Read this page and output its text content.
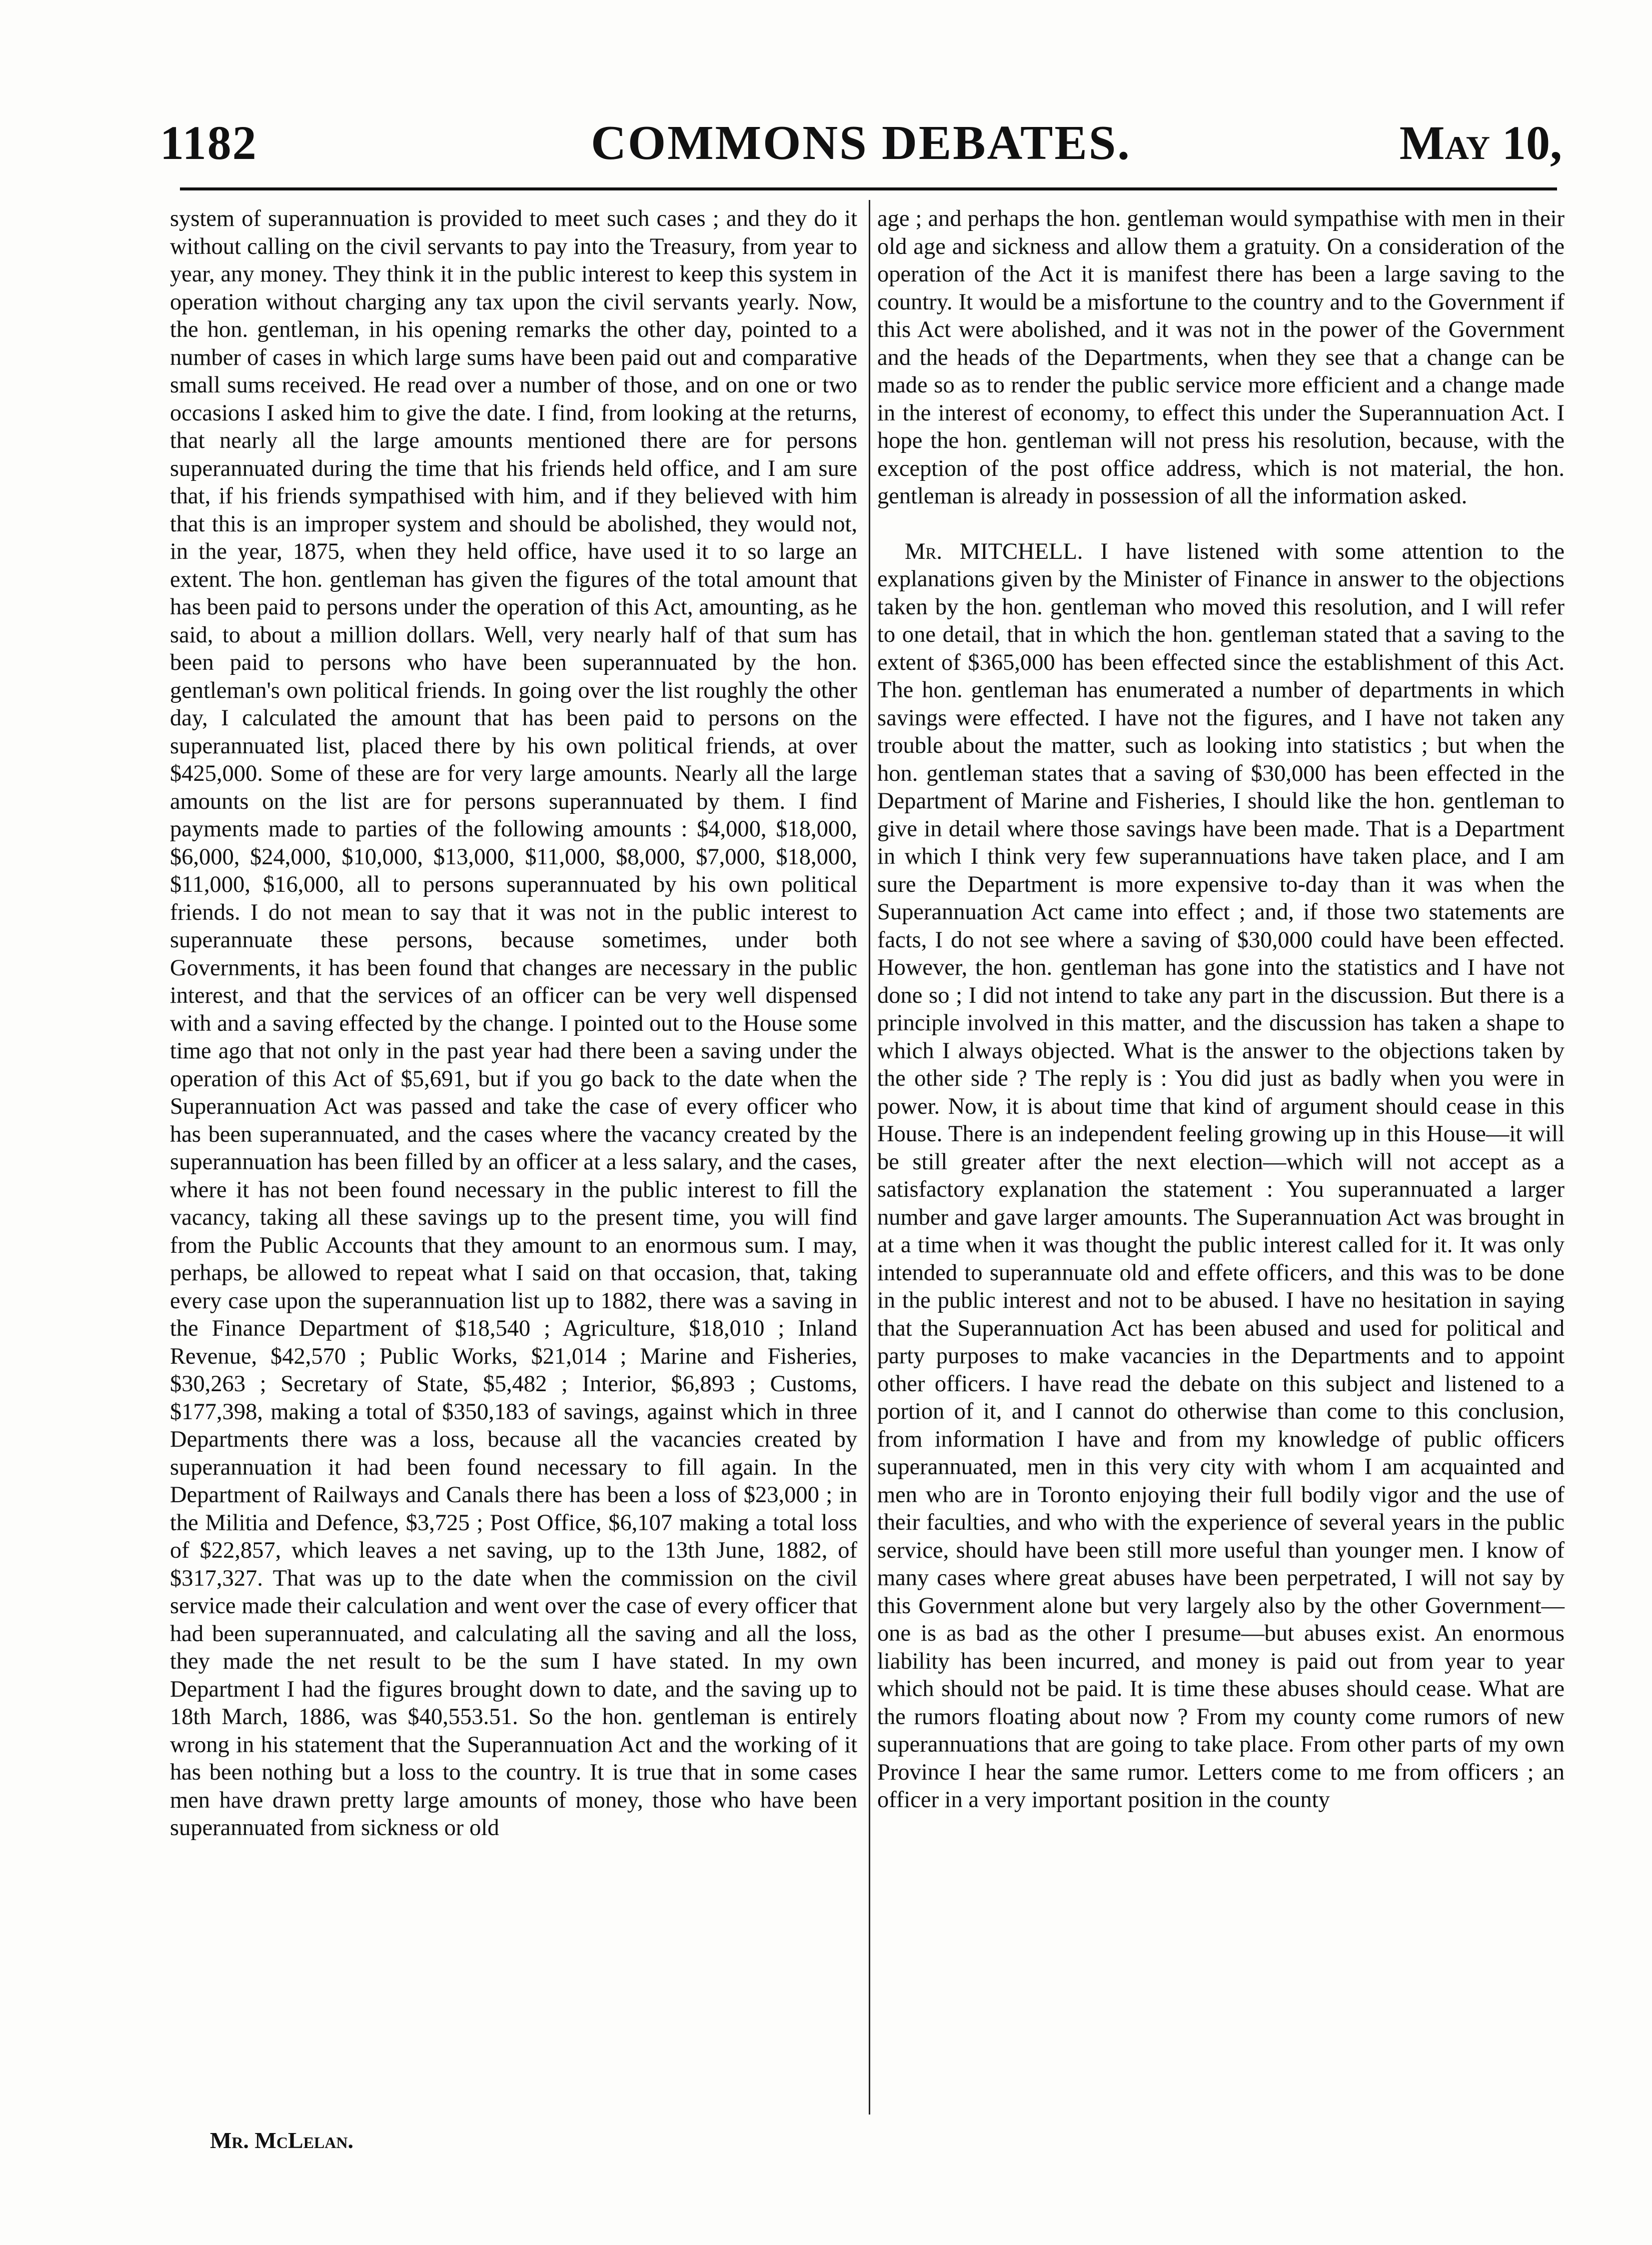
1182	COMMONS DEBATES.	May 10,

system of superannuation is provided to meet such cases ; and they do it without calling on the civil servants to pay into the Treasury, from year to year, any money. They think it in the public interest to keep this system in operation without charging any tax upon the civil servants yearly. Now, the hon. gentleman, in his opening remarks the other day, pointed to a number of cases in which large sums have been paid out and comparative small sums received. He read over a number of those, and on one or two occasions I asked him to give the date. I find, from looking at the returns, that nearly all the large amounts mentioned there are for persons superannuated during the time that his friends held office, and I am sure that, if his friends sympathised with him, and if they believed with him that this is an improper system and should be abolished, they would not, in the year, 1875, when they held office, have used it to so large an extent. The hon. gentleman has given the figures of the total amount that has been paid to persons under the operation of this Act, amounting, as he said, to about a million dollars. Well, very nearly half of that sum has been paid to persons who have been superannuated by the hon. gentleman's own political friends. In going over the list roughly the other day, I calculated the amount that has been paid to persons on the superannuated list, placed there by his own political friends, at over $425,000. Some of these are for very large amounts. Nearly all the large amounts on the list are for persons superannuated by them. I find payments made to parties of the following amounts : $4,000, $18,000, $6,000, $24,000, $10,000, $13,000, $11,000, $8,000, $7,000, $18,000, $11,000, $16,000, all to persons superannuated by his own political friends. I do not mean to say that it was not in the public interest to superannuate these persons, because sometimes, under both Governments, it has been found that changes are necessary in the public interest, and that the services of an officer can be very well dispensed with and a saving effected by the change. I pointed out to the House some time ago that not only in the past year had there been a saving under the operation of this Act of $5,691, but if you go back to the date when the Superannuation Act was passed and take the case of every officer who has been superannuated, and the cases where the vacancy created by the superannuation has been filled by an officer at a less salary, and the cases, where it has not been found necessary in the public interest to fill the vacancy, taking all these savings up to the present time, you will find from the Public Accounts that they amount to an enormous sum. I may, perhaps, be allowed to repeat what I said on that occasion, that, taking every case upon the superannuation list up to 1882, there was a saving in the Finance Department of $18,540 ; Agriculture, $18,010 ; Inland Revenue, $42,570 ; Public Works, $21,014 ; Marine and Fisheries, $30,263 ; Secretary of State, $5,482 ; Interior, $6,893 ; Customs, $177,398, making a total of $350,183 of savings, against which in three Departments there was a loss, because all the vacancies created by superannuation it had been found necessary to fill again. In the Department of Railways and Canals there has been a loss of $23,000 ; in the Militia and Defence, $3,725 ; Post Office, $6,107 making a total loss of $22,857, which leaves a net saving, up to the 13th June, 1882, of $317,327. That was up to the date when the commission on the civil service made their calculation and went over the case of every officer that had been superannuated, and calculating all the saving and all the loss, they made the net result to be the sum I have stated. In my own Department I had the figures brought down to date, and the saving up to 18th March, 1886, was $40,553.51. So the hon. gentleman is entirely wrong in his statement that the Superannuation Act and the working of it has been nothing but a loss to the country. It is true that in some cases men have drawn pretty large amounts of money, those who have been superannuated from sickness or old

age ; and perhaps the hon. gentleman would sympathise with men in their old age and sickness and allow them a gratuity. On a consideration of the operation of the Act it is manifest there has been a large saving to the country. It would be a misfortune to the country and to the Government if this Act were abolished, and it was not in the power of the Government and the heads of the Departments, when they see that a change can be made so as to render the public service more efficient and a change made in the interest of economy, to effect this under the Superannuation Act. I hope the hon. gentleman will not press his resolution, because, with the exception of the post office address, which is not material, the hon. gentleman is already in possession of all the information asked.

Mr. MITCHELL. I have listened with some attention to the explanations given by the Minister of Finance in answer to the objections taken by the hon. gentleman who moved this resolution, and I will refer to one detail, that in which the hon. gentleman stated that a saving to the extent of $365,000 has been effected since the establishment of this Act. The hon. gentleman has enumerated a number of departments in which savings were effected. I have not the figures, and I have not taken any trouble about the matter, such as looking into statistics ; but when the hon. gentleman states that a saving of $30,000 has been effected in the Department of Marine and Fisheries, I should like the hon. gentleman to give in detail where those savings have been made. That is a Department in which I think very few superannuations have taken place, and I am sure the Department is more expensive to-day than it was when the Superannuation Act came into effect ; and, if those two statements are facts, I do not see where a saving of $30,000 could have been effected. However, the hon. gentleman has gone into the statistics and I have not done so ; I did not intend to take any part in the discussion. But there is a principle involved in this matter, and the discussion has taken a shape to which I always objected. What is the answer to the objections taken by the other side ? The reply is : You did just as badly when you were in power. Now, it is about time that kind of argument should cease in this House. There is an independent feeling growing up in this House—it will be still greater after the next election—which will not accept as a satisfactory explanation the statement : You superannuated a larger number and gave larger amounts. The Superannuation Act was brought in at a time when it was thought the public interest called for it. It was only intended to superannuate old and effete officers, and this was to be done in the public interest and not to be abused. I have no hesitation in saying that the Superannuation Act has been abused and used for political and party purposes to make vacancies in the Departments and to appoint other officers. I have read the debate on this subject and listened to a portion of it, and I cannot do otherwise than come to this conclusion, from information I have and from my knowledge of public officers superannuated, men in this very city with whom I am acquainted and men who are in Toronto enjoying their full bodily vigor and the use of their faculties, and who with the experience of several years in the public service, should have been still more useful than younger men. I know of many cases where great abuses have been perpetrated, I will not say by this Government alone but very largely also by the other Government—one is as bad as the other I presume—but abuses exist. An enormous liability has been incurred, and money is paid out from year to year which should not be paid. It is time these abuses should cease. What are the rumors floating about now ? From my county come rumors of new superannuations that are going to take place. From other parts of my own Province I hear the same rumor. Letters come to me from officers ; an officer in a very important position in the county

Mr. McLelan.
